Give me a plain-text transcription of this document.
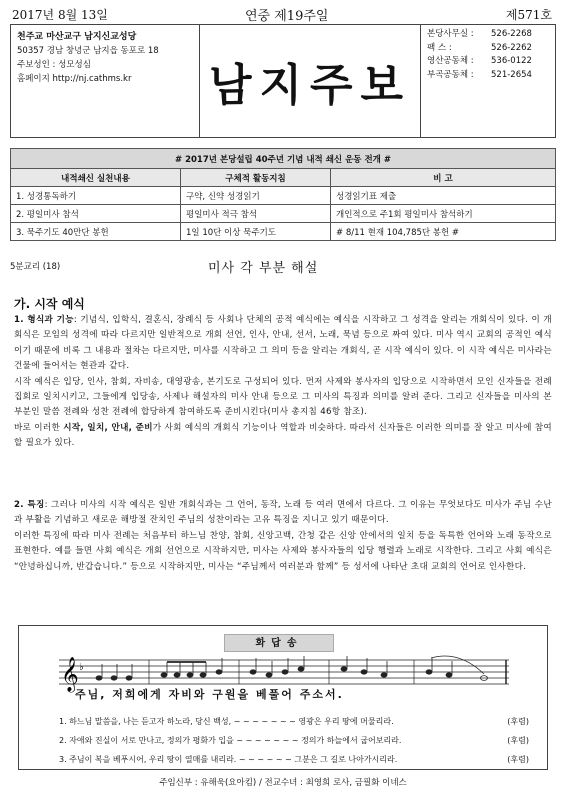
2017년 8월 13일	연중 제19주일	제571호
천주교 마산교구 남지신교성당
50357 경남 창녕군 남지읍 동포로 18
주보성인 : 성모성심
홈페이지 http://nj.cathms.kr	남지주보
본당사무실 :	526-2268
팩 스 :	526-2262
영산공동체 :	536-0122
부곡공동체 :	521-2654
# 2017년 본당설립 40주년 기념 내적 쇄신 운동 전개 #		
내적쇄신 실천내용	구체적 활동지침	비 고
1. 성경통독하기	구약, 신약 성경읽기	성경읽기표 제출
2. 평일미사 참석	평일미사 적극 참석	개인적으로 주1회 평일미사 참석하기
3. 묵주기도 40만단 봉헌	1일 10단 이상 묵주기도	# 8/11 현재 104,785단 봉헌 #
5분교리 (18)	미사 각 부분 해설
가. 시작 예식

1. 형식과 기능: 기념식, 입학식, 결혼식, 장례식 등 사회나 단체의 공적 예식에는 예식을 시작하고 그 성격을 알리는 개회식이 있다. 이 개회식은 모임의 성격에 따라 다르지만 일반적으로 개회 선언, 인사, 안내, 선서, 노래, 묵념 등으로 짜여 있다. 미사 역시 교회의 공적인 예식이기 때문에 비록 그 내용과 절차는 다르지만, 미사를 시작하고 그 의미 등을 알리는 개회식, 곧 시작 예식이 있다. 이 시작 예식은 미사라는 건물에 들어서는 현관과 같다.

시작 예식은 입당, 인사, 참회, 자비송, 대영광송, 본기도로 구성되어 있다. 먼저 사제와 봉사자의 입당으로 시작하면서 모인 신자들을 전례 집회로 일치시키고, 그들에게 입당송, 사제나 해설자의 미사 안내 등으로 그 미사의 특징과 의미를 알려 준다. 그리고 신자들을 미사의 본 부분인 말씀 전례와 성찬 전례에 합당하게 참여하도록 준비시킨다(미사 총지침 46항 참조).

바로 이러한 시작, 일치, 안내, 준비가 사회 예식의 개회식 기능이나 역할과 비슷하다. 따라서 신자들은 이러한 의미를 잘 알고 미사에 참여할 필요가 있다.

2. 특징: 그러나 미사의 시작 예식은 일반 개회식과는 그 언어, 동작, 노래 등 여러 면에서 다르다. 그 이유는 무엇보다도 미사가 주님 수난과 부활을 기념하고 새로운 해방절 잔치인 주님의 성찬이라는 고유 특징을 지니고 있기 때문이다.

이러한 특징에 따라 미사 전례는 처음부터 하느님 찬양, 참회, 신앙고백, 간청 같은 신앙 안에서의 일치 등을 독특한 언어와 노래 동작으로 표현한다. 예를 들면 사회 예식은 개회 선언으로 시작하지만, 미사는 사제와 봉사자들의 입당 행렬과 노래로 시작한다. 그리고 사회 예식은 “안녕하십니까, 반갑습니다.” 등으로 시작하지만, 미사는 “주님께서 여러분과 함께” 등 성서에 나타난 초대 교회의 언어로 인사한다.

화답송
𝄞 ♭
주님, 저희에게 자비와 구원을 베풀어 주소서.
1. 하느님 말씀을, 나는 듣고자 하노라, 당신 백성, ~ ~ ~ ~ ~ ~ ~ 영광은 우리 땅에 머물리라.	(후렴)
2. 자애와 진실이 서로 만나고, 정의가 평화가 입을 ~ ~ ~ ~ ~ ~ ~ 정의가 하늘에서 굽어보리라.	(후렴)
3. 주님이 복을 베푸시어, 우리 땅이 열매를 내리라. ~ ~ ~ ~ ~ ~ 그분은 그 길로 나아가시리라.	(후렴)
주임신부 : 유해욱(요아킴) / 전교수녀 : 최영희 로사, 금필화 이네스
